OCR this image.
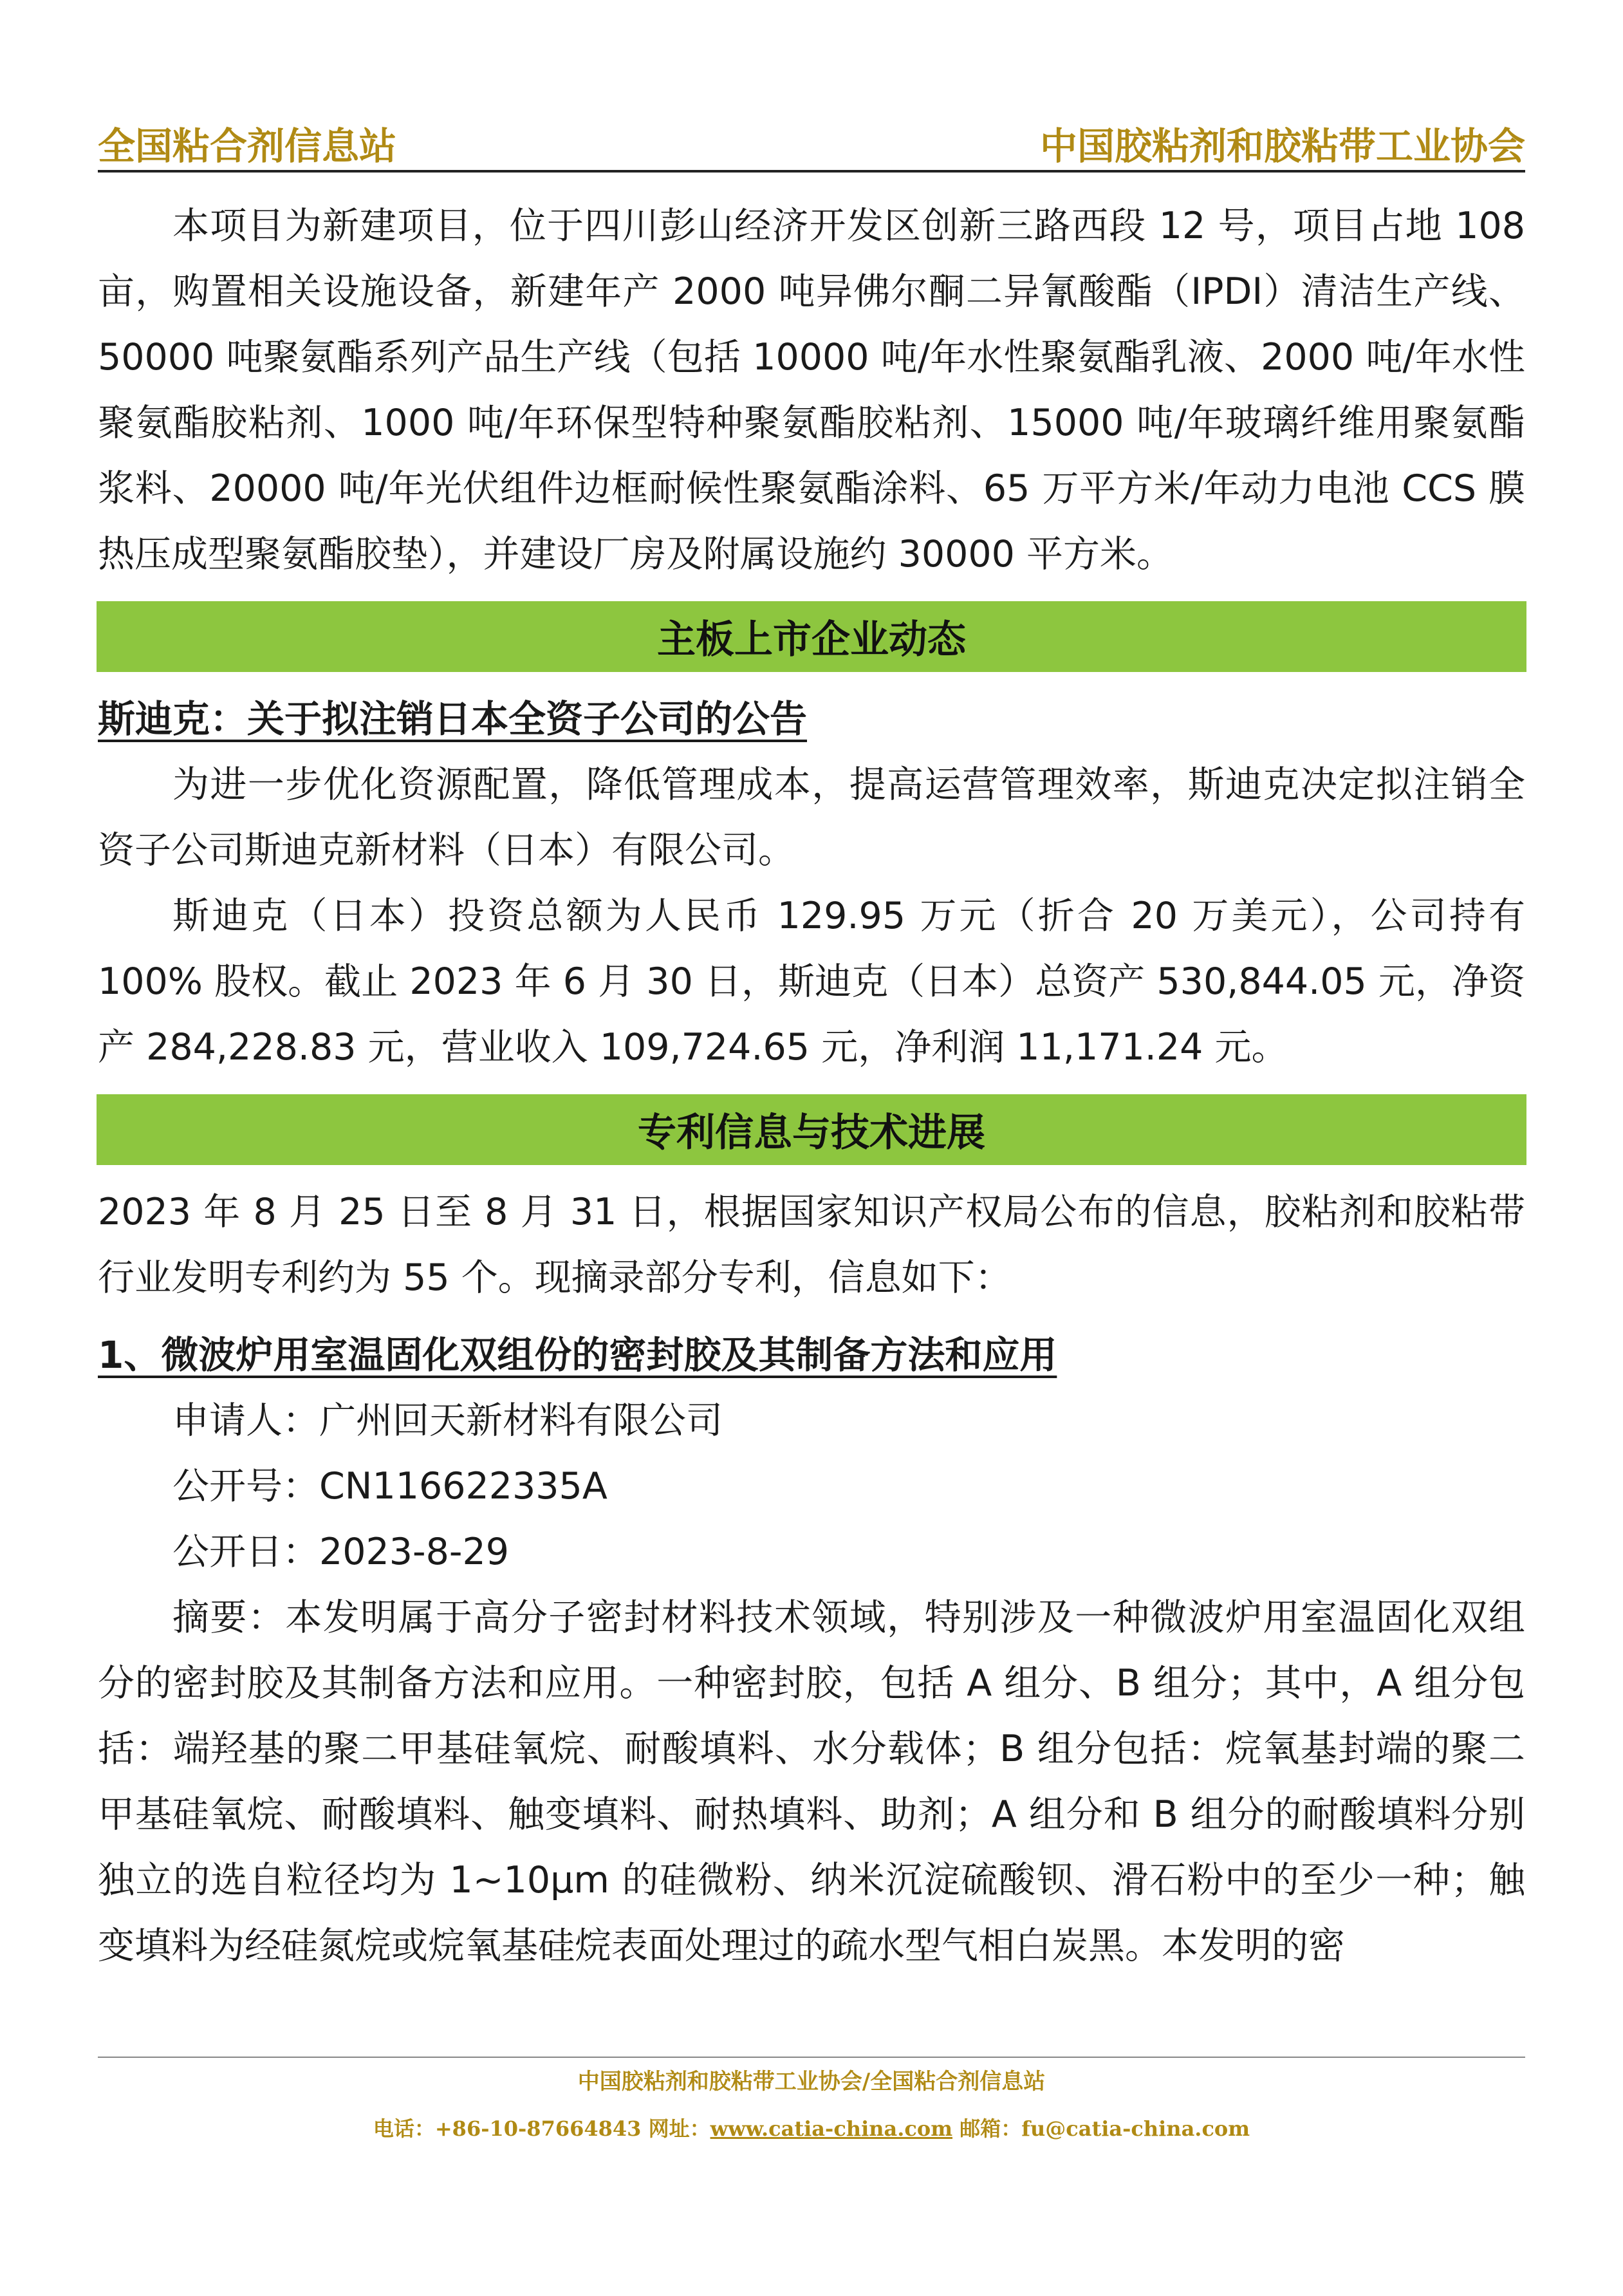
全国粘合剂信息站	中国胶粘剂和胶粘带工业协会

本项目为新建项目，位于四川彭山经济开发区创新三路西段 12 号，项目占地 108 亩，购置相关设施设备，新建年产 2000 吨异佛尔酮二异氰酸酯（IPDI）清洁生产线、50000 吨聚氨酯系列产品生产线（包括 10000 吨/年水性聚氨酯乳液、2000 吨/年水性聚氨酯胶粘剂、1000 吨/年环保型特种聚氨酯胶粘剂、15000 吨/年玻璃纤维用聚氨酯浆料、20000 吨/年光伏组件边框耐候性聚氨酯涂料、65 万平方米/年动力电池 CCS 膜热压成型聚氨酯胶垫），并建设厂房及附属设施约 30000 平方米。

主板上市企业动态
斯迪克：关于拟注销日本全资子公司的公告

为进一步优化资源配置，降低管理成本，提高运营管理效率，斯迪克决定拟注销全资子公司斯迪克新材料（日本）有限公司。

斯迪克（日本）投资总额为人民币 129.95 万元（折合 20 万美元），公司持有 100% 股权。截止 2023 年 6 月 30 日，斯迪克（日本）总资产 530,844.05 元，净资产 284,228.83 元，营业收入 109,724.65 元，净利润 11,171.24 元。

专利信息与技术进展

2023 年 8 月 25 日至 8 月 31 日，根据国家知识产权局公布的信息，胶粘剂和胶粘带行业发明专利约为 55 个。现摘录部分专利，信息如下：

1、微波炉用室温固化双组份的密封胶及其制备方法和应用
申请人：广州回天新材料有限公司
公开号：CN116622335A
公开日：2023-8-29

摘要：本发明属于高分子密封材料技术领域，特别涉及一种微波炉用室温固化双组分的密封胶及其制备方法和应用。一种密封胶，包括 A 组分、B 组分；其中，A 组分包括：端羟基的聚二甲基硅氧烷、耐酸填料、水分载体；B 组分包括：烷氧基封端的聚二甲基硅氧烷、耐酸填料、触变填料、耐热填料、助剂；A 组分和 B 组分的耐酸填料分别独立的选自粒径均为 1~10μm 的硅微粉、纳米沉淀硫酸钡、滑石粉中的至少一种；触变填料为经硅氮烷或烷氧基硅烷表面处理过的疏水型气相白炭黑。本发明的密

中国胶粘剂和胶粘带工业协会/全国粘合剂信息站
电话：+86-10-87664843 网址：www.catia-china.com 邮箱：fu@catia-china.com
